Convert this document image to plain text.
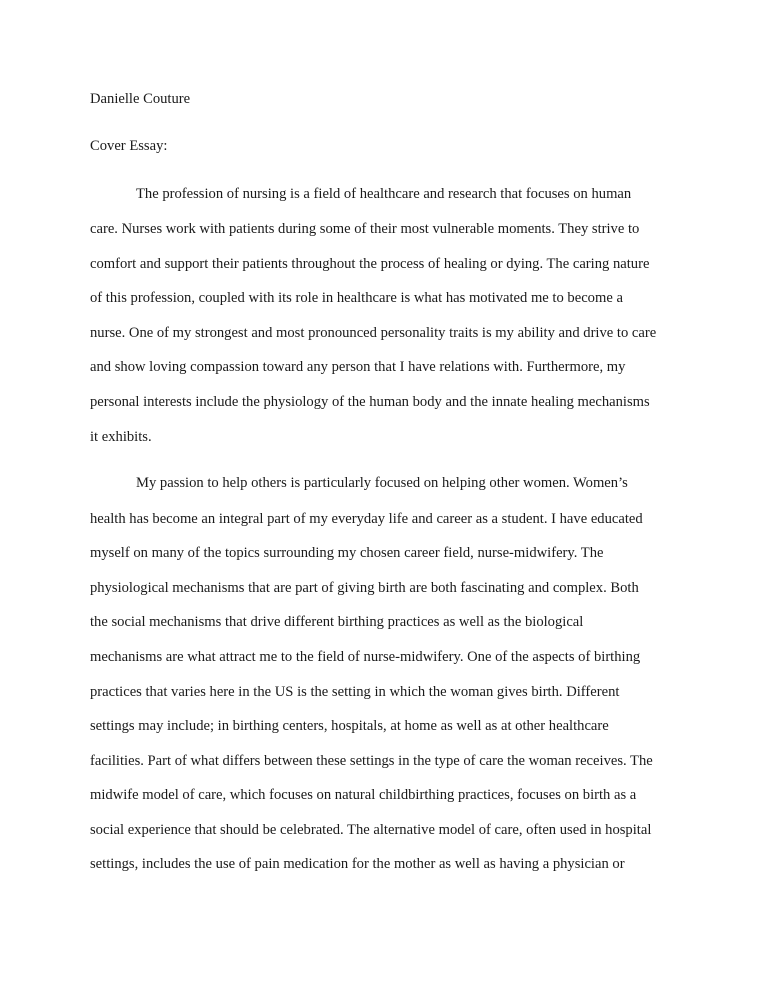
Danielle Couture
Cover Essay:
The profession of nursing is a field of healthcare and research that focuses on human
care. Nurses work with patients during some of their most vulnerable moments. They strive to
comfort and support their patients throughout the process of healing or dying. The caring nature
of this profession, coupled with its role in healthcare is what has motivated me to become a
nurse. One of my strongest and most pronounced personality traits is my ability and drive to care
and show loving compassion toward any person that I have relations with. Furthermore, my
personal interests include the physiology of the human body and the innate healing mechanisms
it exhibits.
My passion to help others is particularly focused on helping other women. Women’s
health has become an integral part of my everyday life and career as a student. I have educated
myself on many of the topics surrounding my chosen career field, nurse-midwifery. The
physiological mechanisms that are part of giving birth are both fascinating and complex. Both
the social mechanisms that drive different birthing practices as well as the biological
mechanisms are what attract me to the field of nurse-midwifery. One of the aspects of birthing
practices that varies here in the US is the setting in which the woman gives birth. Different
settings may include; in birthing centers, hospitals, at home as well as at other healthcare
facilities. Part of what differs between these settings in the type of care the woman receives. The
midwife model of care, which focuses on natural childbirthing practices, focuses on birth as a
social experience that should be celebrated. The alternative model of care, often used in hospital
settings, includes the use of pain medication for the mother as well as having a physician or
